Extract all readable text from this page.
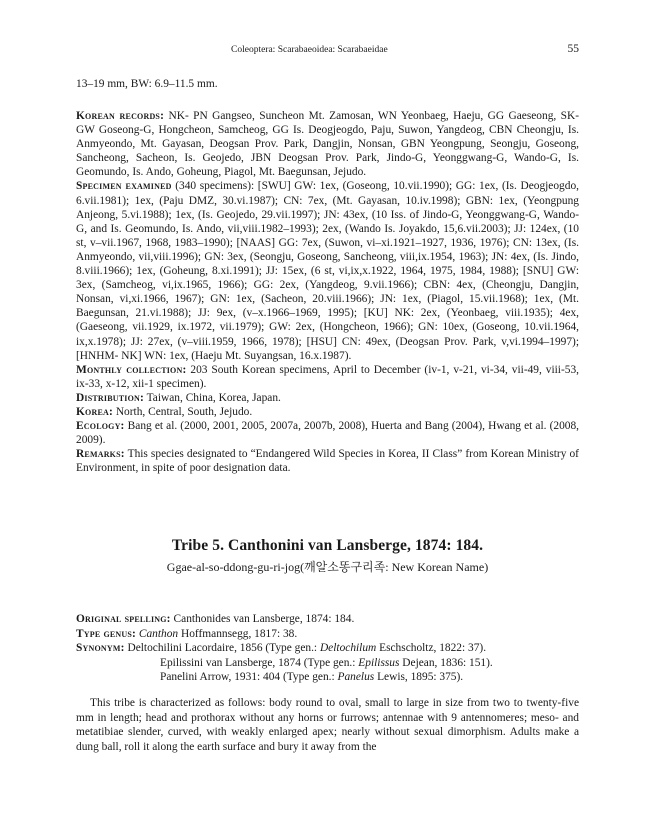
Coleoptera: Scarabaeoidea: Scarabaeidae	55

13–19 mm, BW: 6.9–11.5 mm.

Korean records: NK- PN Gangseo, Suncheon Mt. Zamosan, WN Yeonbaeg, Haeju, GG Gaeseong, SK- GW Goseong-G, Hongcheon, Samcheog, GG Is. Deogjeogdo, Paju, Suwon, Yangdeog, CBN Cheongju, Is. Anmyeondo, Mt. Gayasan, Deogsan Prov. Park, Dangjin, Nonsan, GBN Yeongpung, Seongju, Goseong, Sancheong, Sacheon, Is. Geojedo, JBN Deogsan Prov. Park, Jindo-G, Yeonggwang-G, Wando-G, Is. Geomundo, Is. Ando, Goheung, Piagol, Mt. Baegunsan, Jejudo.

Specimen examined (340 specimens): [SWU] GW: 1ex, (Goseong, 10.vii.1990); GG: 1ex, (Is. Deogjeogdo, 6.vii.1981); 1ex, (Paju DMZ, 30.vi.1987); CN: 7ex, (Mt. Gayasan, 10.iv.1998); GBN: 1ex, (Yeongpung Anjeong, 5.vi.1988); 1ex, (Is. Geojedo, 29.vii.1997); JN: 43ex, (10 Iss. of Jindo-G, Yeonggwang-G, Wando-G, and Is. Geomundo, Is. Ando, vii,viii.1982–1993); 2ex, (Wando Is. Joyakdo, 15,6.vii.2003); JJ: 124ex, (10 st, v–vii.1967, 1968, 1983–1990); [NAAS] GG: 7ex, (Suwon, vi–xi.1921–1927, 1936, 1976); CN: 13ex, (Is. Anmyeondo, vii,viii.1996); GN: 3ex, (Seongju, Goseong, Sancheong, viii,ix.1954, 1963); JN: 4ex, (Is. Jindo, 8.viii.1966); 1ex, (Goheung, 8.xi.1991); JJ: 15ex, (6 st, vi,ix,x.1922, 1964, 1975, 1984, 1988); [SNU] GW: 3ex, (Samcheog, vi,ix.1965, 1966); GG: 2ex, (Yangdeog, 9.vii.1966); CBN: 4ex, (Cheongju, Dangjin, Nonsan, vi,xi.1966, 1967); GN: 1ex, (Sacheon, 20.viii.1966); JN: 1ex, (Piagol, 15.vii.1968); 1ex, (Mt. Baegunsan, 21.vi.1988); JJ: 9ex, (v–x.1966–1969, 1995); [KU] NK: 2ex, (Yeonbaeg, viii.1935); 4ex, (Gaeseong, vii.1929, ix.1972, vii.1979); GW: 2ex, (Hongcheon, 1966); GN: 10ex, (Goseong, 10.vii.1964, ix,x.1978); JJ: 27ex, (v–viii.1959, 1966, 1978); [HSU] CN: 49ex, (Deogsan Prov. Park, v,vi.1994–1997); [HNHM- NK] WN: 1ex, (Haeju Mt. Suyangsan, 16.x.1987).

Monthly collection: 203 South Korean specimens, April to December (iv-1, v-21, vi-34, vii-49, viii-53, ix-33, x-12, xii-1 specimen).

Distribution: Taiwan, China, Korea, Japan.

Korea: North, Central, South, Jejudo.

Ecology: Bang et al. (2000, 2001, 2005, 2007a, 2007b, 2008), Huerta and Bang (2004), Hwang et al. (2008, 2009).

Remarks: This species designated to “Endangered Wild Species in Korea, II Class” from Korean Ministry of Environment, in spite of poor designation data.

Tribe 5. Canthonini van Lansberge, 1874: 184.
Ggae-al-so-ddong-gu-ri-jog(깨알소똥구리족: New Korean Name)
Original spelling: Canthonides van Lansberge, 1874: 184.
Type genus: Canthon Hoffmannsegg, 1817: 38.
Synonym: Deltochilini Lacordaire, 1856 (Type gen.: Deltochilum Eschscholtz, 1822: 37).
Epilissini van Lansberge, 1874 (Type gen.: Epilissus Dejean, 1836: 151).
Panelini Arrow, 1931: 404 (Type gen.: Panelus Lewis, 1895: 375).
This tribe is characterized as follows: body round to oval, small to large in size from two to twenty-five mm in length; head and prothorax without any horns or furrows; antennae with 9 antennomeres; meso- and metatibiae slender, curved, with weakly enlarged apex; nearly without sexual dimorphism. Adults make a dung ball, roll it along the earth surface and bury it away from the
